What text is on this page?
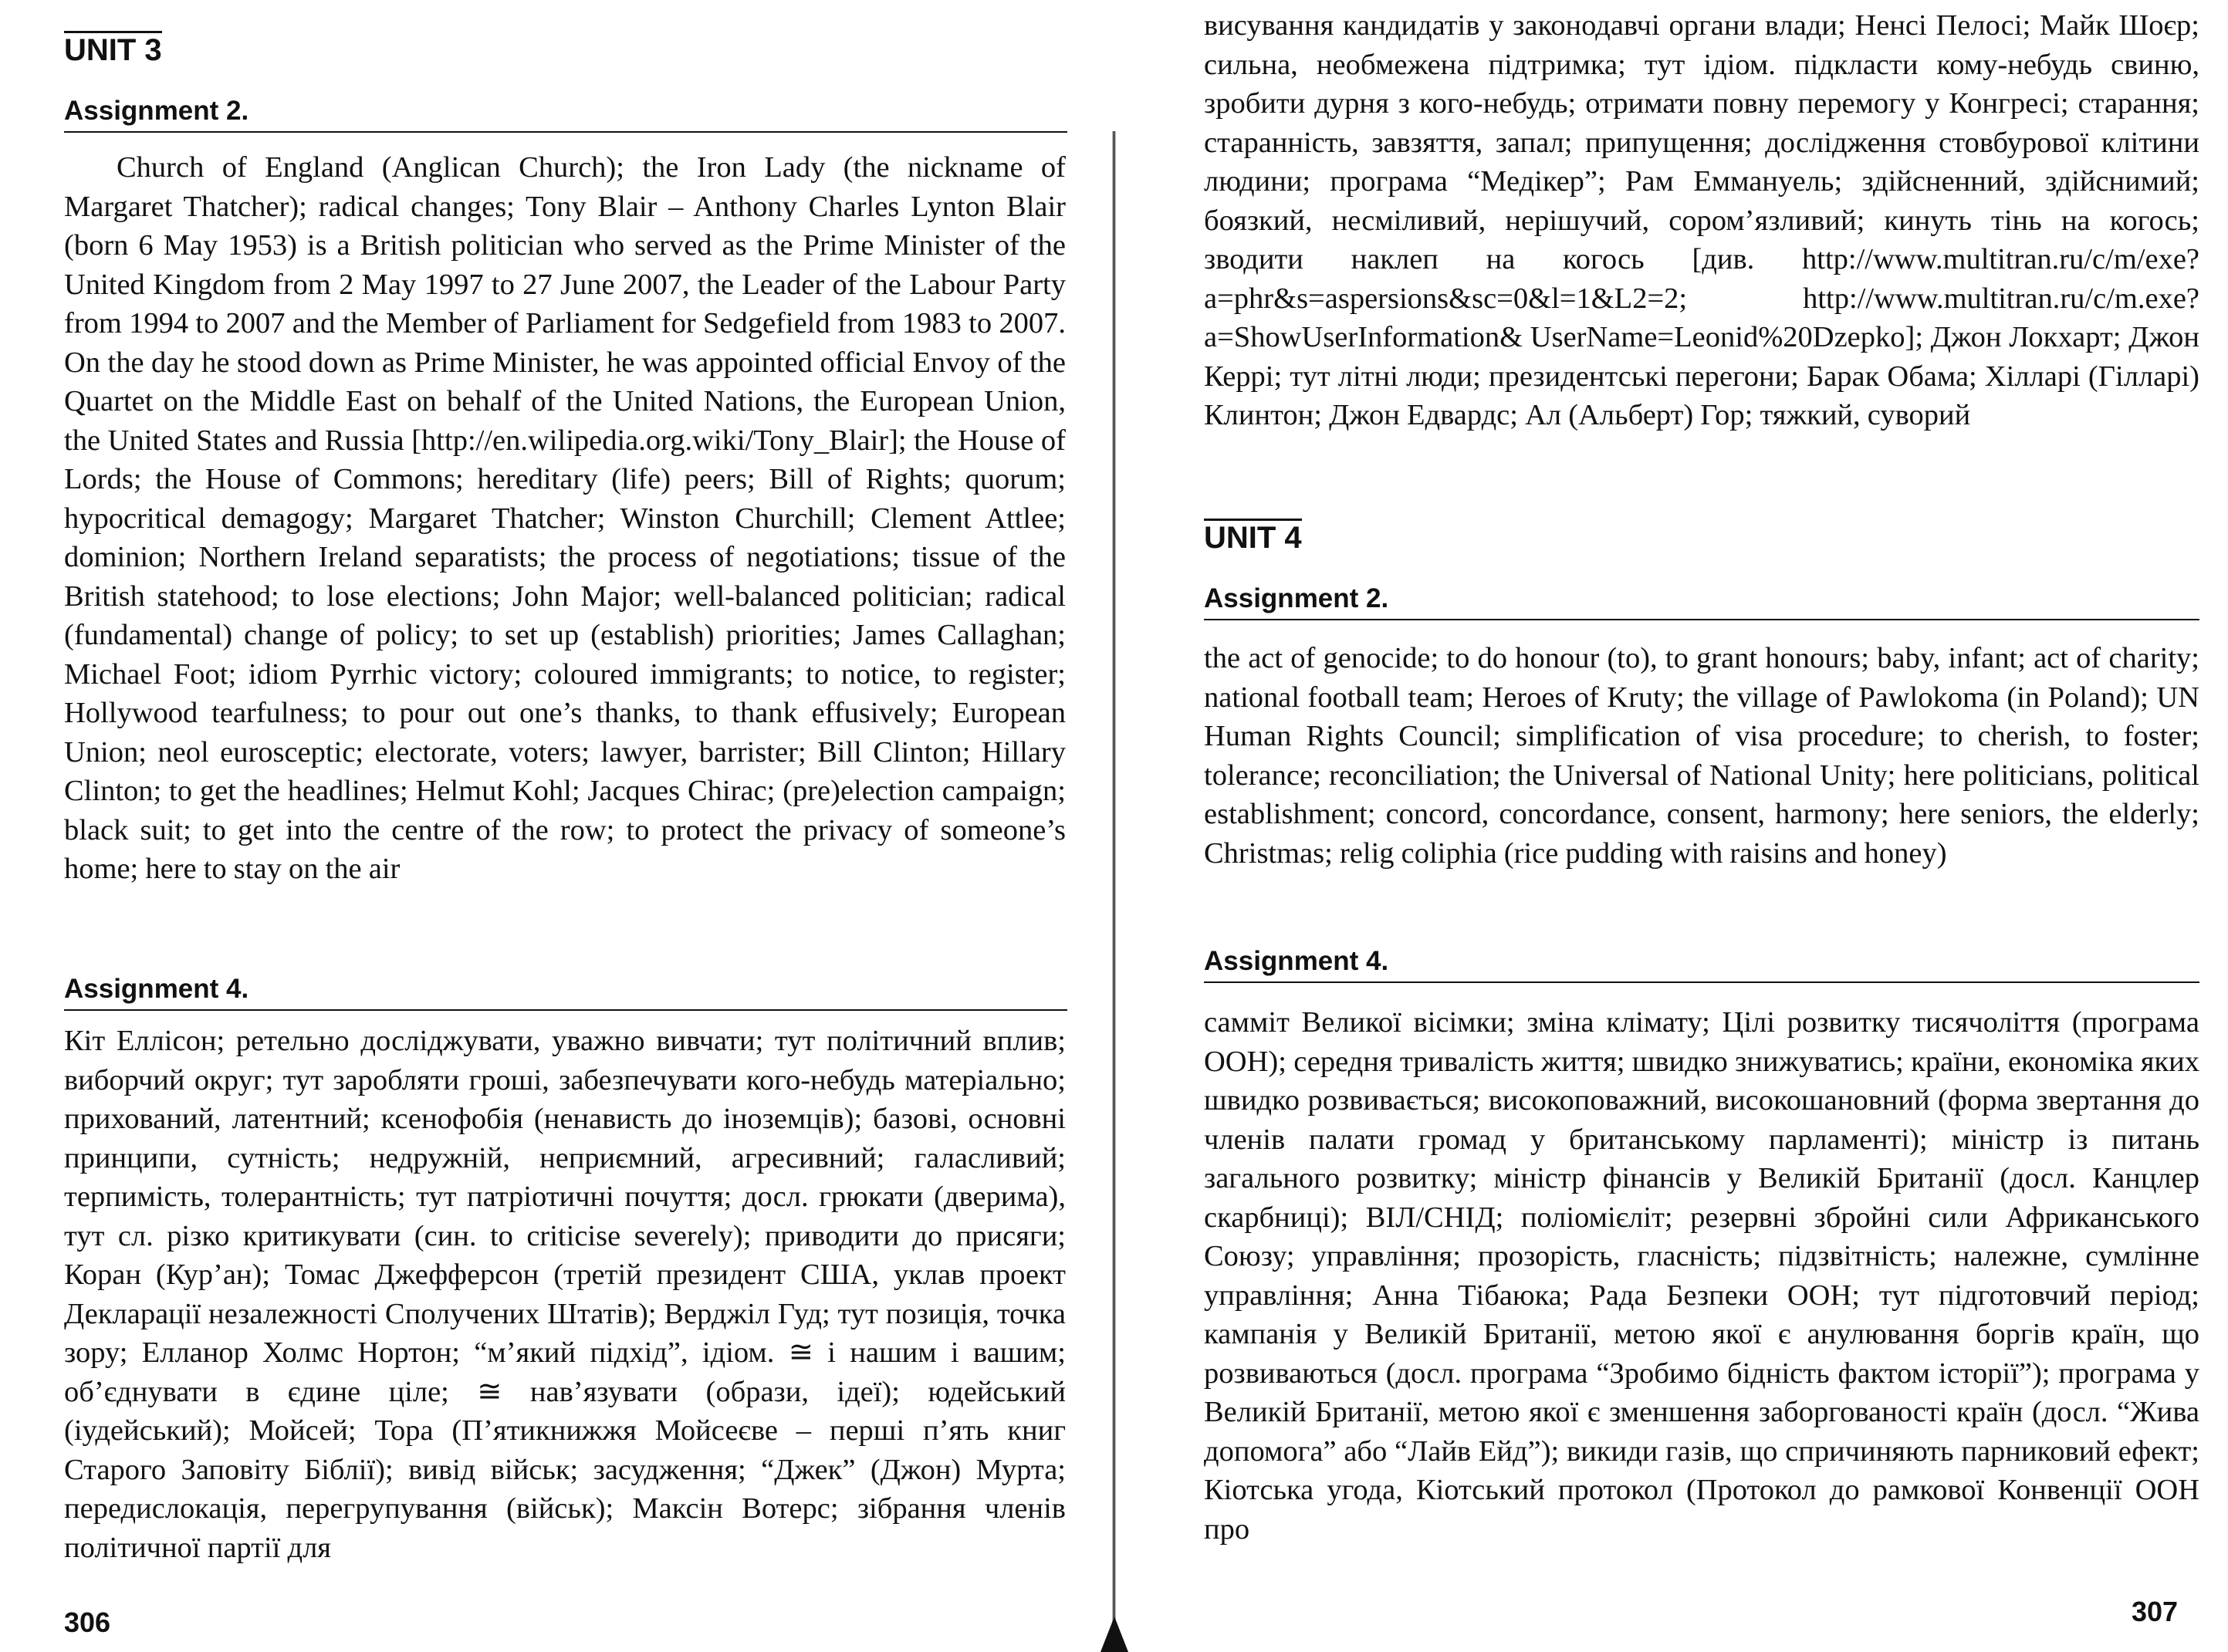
UNIT 3
Assignment 2.

Church of England (Anglican Church); the Iron Lady (the nickname of Margaret Thatcher); radical changes; Tony Blair – Anthony Charles Lynton Blair (born 6 May 1953) is a British politician who served as the Prime Minister of the United Kingdom from 2 May 1997 to 27 June 2007, the Leader of the Labour Party from 1994 to 2007 and the Member of Parliament for Sedgefield from 1983 to 2007. On the day he stood down as Prime Minister, he was appointed official Envoy of the Quartet on the Middle East on behalf of the United Nations, the European Union, the United States and Russia [http://en.wilipedia.org.wiki/Tony_Blair]; the House of Lords; the House of Commons; hereditary (life) peers; Bill of Rights; quorum; hypocritical demagogy; Margaret Thatcher; Winston Churchill; Clement Attlee; dominion; Northern Ireland separatists; the process of negotiations; tissue of the British statehood; to lose elections; John Major; well-balanced politician; radical (fundamental) change of policy; to set up (establish) priorities; James Callaghan; Michael Foot; idiom Pyrrhic victory; coloured immigrants; to notice, to register; Hollywood tearfulness; to pour out one’s thanks, to thank effusively; European Union; neol eurosceptic; electorate, voters; lawyer, barrister; Bill Clinton; Hillary Clinton; to get the headlines; Helmut Kohl; Jacques Chirac; (pre)election campaign; black suit; to get into the centre of the row; to protect the privacy of someone’s home; here to stay on the air

Assignment 4.

Кіт Еллісон; ретельно досліджувати, уважно вивчати; тут політичний вплив; виборчий округ; тут заробляти гроші, забезпечувати кого-небудь матеріально; прихований, латентний; ксенофобія (ненависть до іноземців); базові, основні принципи, сутність; недружній, неприємний, агресивний; галасливий; терпимість, толерантність; тут патріотичні почуття; досл. грюкати (дверима), тут сл. різко критикувати (син. to criticise severely); приводити до присяги; Коран (Кур’ан); Томас Джефферсон (третій президент США, уклав проект Декларації незалежності Сполучених Штатів); Верджіл Гуд; тут позиція, точка зору; Елланор Холмс Нортон; “м’який підхід”, ідіом. ≅ і нашим і вашим; об’єднувати в єдине ціле; ≅ нав’язувати (образи, ідеї); юдейський (іудейський); Мойсей; Тора (П’ятикнижжя Мойсеєве – перші п’ять книг Старого Заповіту Біблії); вивід військ; засудження; “Джек” (Джон) Мурта; передислокація, перегрупування (військ); Максін Вотерс; зібрання членів політичної партії для

306

висування кандидатів у законодавчі органи влади; Ненсі Пелосі; Майк Шоєр; сильна, необмежена підтримка; тут ідіом. підкласти кому-небудь свиню, зробити дурня з кого-небудь; отримати повну перемогу у Конгресі; старання; старанність, завзяття, запал; припущення; дослідження стовбурової клітини людини; програма “Медікер”; Рам Еммануель; здійсненний, здійснимий; боязкий, несміливий, нерішучий, сором’язливий; кинуть тінь на когось; зводити наклеп на когось [див. http://www.multitran.ru/c/m/exe?a=phr&s=aspersions&sc=0&l=1&L2=2; http://www.multitran.ru/c/m.exe?a=ShowUserInformation& UserName=Leonid%20Dzepko]; Джон Локхарт; Джон Керрі; тут літні люди; президентські перегони; Барак Обама; Хілларі (Гілларі) Клинтон; Джон Едвардс; Ал (Альберт) Гор; тяжкий, суворий

UNIT 4
Assignment 2.

the act of genocide; to do honour (to), to grant honours; baby, infant; act of charity; national football team; Heroes of Kruty; the village of Pawlokoma (in Poland); UN Human Rights Council; simplification of visa procedure; to cherish, to foster; tolerance; reconciliation; the Universal of National Unity; here politicians, political establishment; concord, concordance, consent, harmony; here seniors, the elderly; Christmas; relig coliphia (rice pudding with raisins and honey)

Assignment 4.

самміт Великої вісімки; зміна клімату; Цілі розвитку тисячоліття (програма ООН); середня тривалість життя; швидко знижуватись; країни, економіка яких швидко розвивається; високоповажний, високошановний (форма звертання до членів палати громад у британському парламенті); міністр із питань загального розвитку; міністр фінансів у Великій Британії (досл. Канцлер скарбниці); ВІЛ/СНІД; поліомієліт; резервні збройні сили Африканського Союзу; управління; прозорість, гласність; підзвітність; належне, сумлінне управління; Анна Тібаюка; Рада Безпеки ООН; тут підготовчий період; кампанія у Великій Британії, метою якої є анулювання боргів країн, що розвиваються (досл. програма “Зробимо бідність фактом історії”); програма у Великій Британії, метою якої є зменшення заборгованості країн (досл. “Жива допомога” або “Лайв Ейд”); викиди газів, що спричиняють парниковий ефект; Кіотська угода, Кіотський протокол (Протокол до рамкової Конвенції ООН про

307
